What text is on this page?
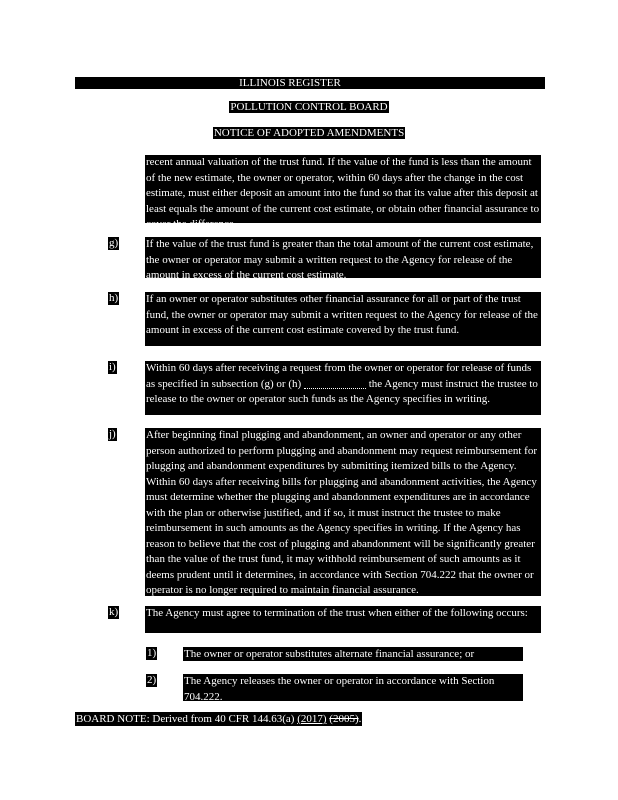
ILLINOIS REGISTER
POLLUTION CONTROL BOARD
NOTICE OF ADOPTED AMENDMENTS
recent annual valuation of the trust fund. If the value of the fund is less than the amount of the new estimate, the owner or operator, within 60 days after the change in the cost estimate, must either deposit an amount into the fund so that its value after this deposit at least equals the amount of the current cost estimate, or obtain other financial assurance to cover the difference.
g)	If the value of the trust fund is greater than the total amount of the current cost estimate, the owner or operator may submit a written request to the Agency for release of the amount in excess of the current cost estimate.
h)	If an owner or operator substitutes other financial assurance for all or part of the trust fund, the owner or operator may submit a written request to the Agency for release of the amount in excess of the current cost estimate covered by the trust fund.
i)	Within 60 days after receiving a request from the owner or operator for release of funds as specified in subsection (g) or (h)	the Agency must instruct the trustee to release to the owner or operator such funds as the Agency specifies in writing.
j)	After beginning final plugging and abandonment, an owner and operator or any other person authorized to perform plugging and abandonment may request reimbursement for plugging and abandonment expenditures by submitting itemized bills to the Agency. Within 60 days after receiving bills for plugging and abandonment activities, the Agency must determine whether the plugging and abandonment expenditures are in accordance with the plan or otherwise justified, and if so, it must instruct the trustee to make reimbursement in such amounts as the Agency specifies in writing. If the Agency has reason to believe that the cost of plugging and abandonment will be significantly greater than the value of the trust fund, it may withhold reimbursement of such amounts as it deems prudent until it determines, in accordance with Section 704.222 that the owner or operator is no longer required to maintain financial assurance.
k)	The Agency must agree to termination of the trust when either of the following occurs:
1)	The owner or operator substitutes alternate financial assurance; or
2)	The Agency releases the owner or operator in accordance with Section 704.222.
BOARD NOTE: Derived from 40 CFR 144.63(a) (2017) (2005).
